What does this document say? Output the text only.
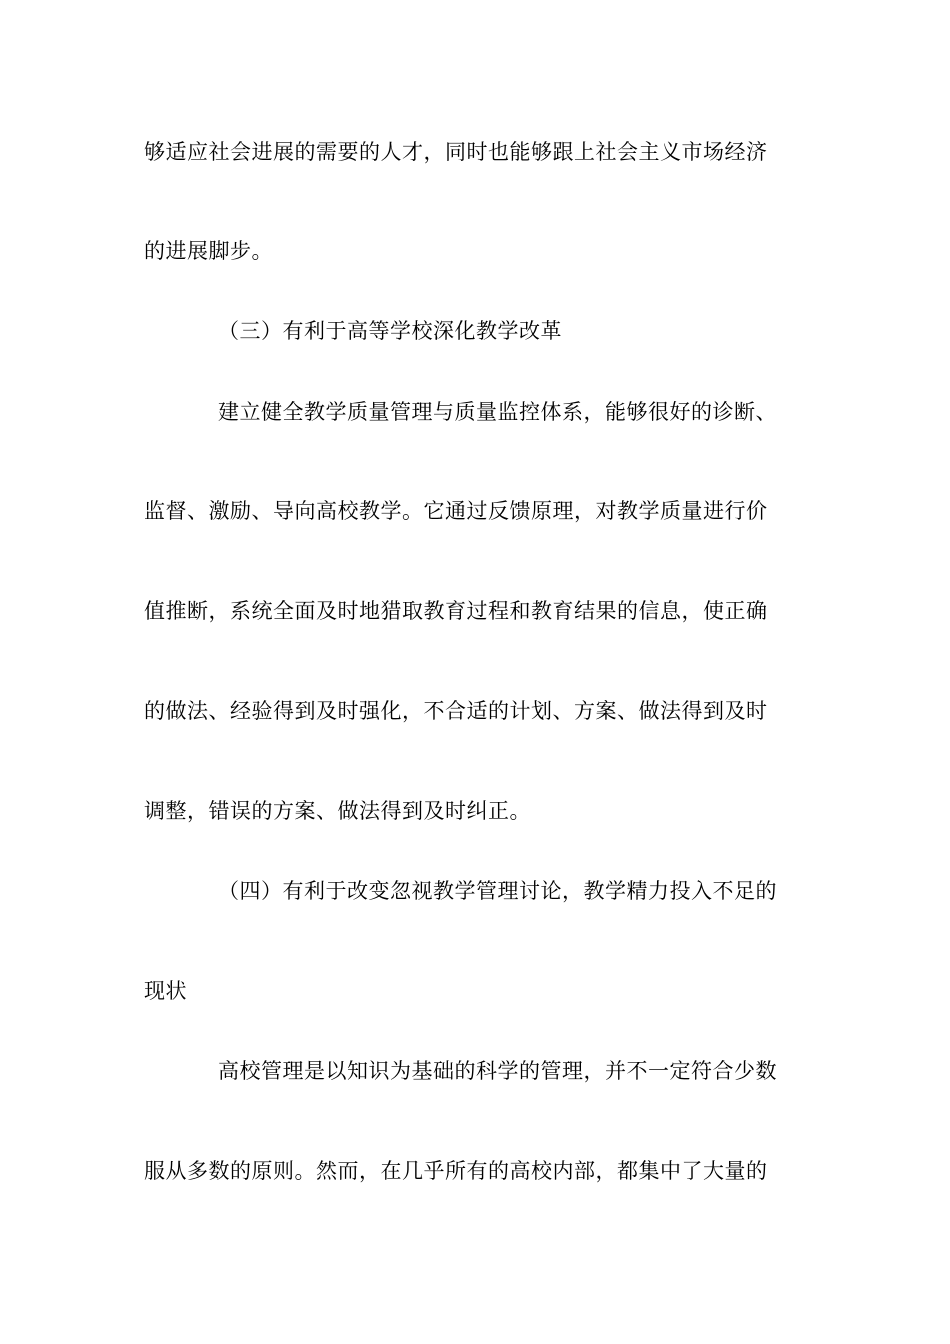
够适应社会进展的需要的人才，同时也能够跟上社会主义市场经济
的进展脚步。
（三）有利于高等学校深化教学改革
建立健全教学质量管理与质量监控体系，能够很好的诊断、
监督、激励、导向高校教学。它通过反馈原理，对教学质量进行价
值推断，系统全面及时地猎取教育过程和教育结果的信息，使正确
的做法、经验得到及时强化，不合适的计划、方案、做法得到及时
调整，错误的方案、做法得到及时纠正。
（四）有利于改变忽视教学管理讨论，教学精力投入不足的
现状
高校管理是以知识为基础的科学的管理，并不一定符合少数
服从多数的原则。然而，在几乎所有的高校内部，都集中了大量的
